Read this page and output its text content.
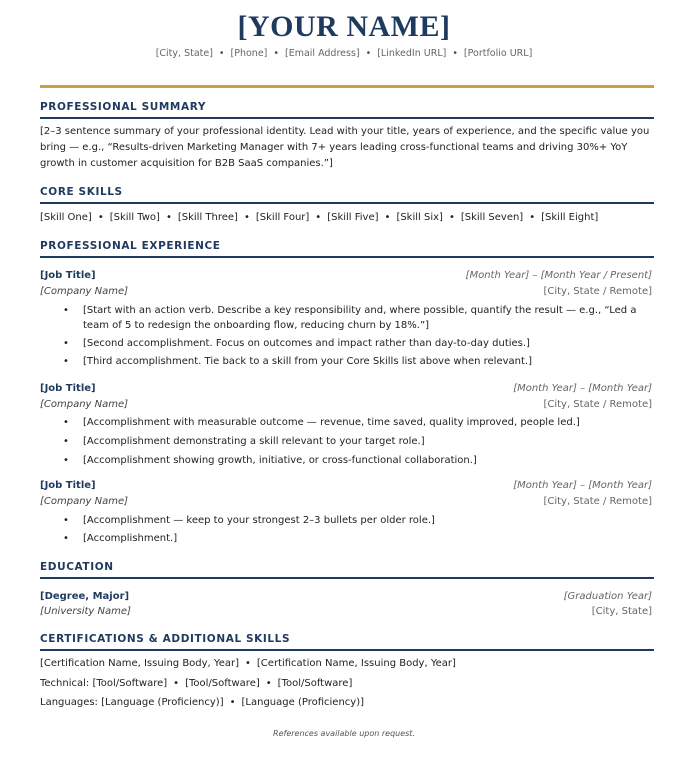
[YOUR NAME]
[City, State] • [Phone] • [Email Address] • [LinkedIn URL] • [Portfolio URL]
PROFESSIONAL SUMMARY
[2–3 sentence summary of your professional identity. Lead with your title, years of experience, and the specific value you bring — e.g., “Results-driven Marketing Manager with 7+ years leading cross-functional teams and driving 30%+ YoY growth in customer acquisition for B2B SaaS companies.”]
CORE SKILLS
[Skill One] • [Skill Two] • [Skill Three] • [Skill Four] • [Skill Five] • [Skill Six] • [Skill Seven] • [Skill Eight]
PROFESSIONAL EXPERIENCE
[Job Title]	[Month Year] – [Month Year / Present]
[Company Name]	[City, State / Remote]
• [Start with an action verb. Describe a key responsibility and, where possible, quantify the result — e.g., “Led a team of 5 to redesign the onboarding flow, reducing churn by 18%.”]
• [Second accomplishment. Focus on outcomes and impact rather than day-to-day duties.]
• [Third accomplishment. Tie back to a skill from your Core Skills list above when relevant.]
[Job Title]	[Month Year] – [Month Year]
[Company Name]	[City, State / Remote]
• [Accomplishment with measurable outcome — revenue, time saved, quality improved, people led.]
• [Accomplishment demonstrating a skill relevant to your target role.]
• [Accomplishment showing growth, initiative, or cross-functional collaboration.]
[Job Title]	[Month Year] – [Month Year]
[Company Name]	[City, State / Remote]
• [Accomplishment — keep to your strongest 2–3 bullets per older role.]
• [Accomplishment.]
EDUCATION
[Degree, Major]	[Graduation Year]
[University Name]	[City, State]
CERTIFICATIONS & ADDITIONAL SKILLS
[Certification Name, Issuing Body, Year] • [Certification Name, Issuing Body, Year]
Technical: [Tool/Software] • [Tool/Software] • [Tool/Software]
Languages: [Language (Proficiency)] • [Language (Proficiency)]
References available upon request.
